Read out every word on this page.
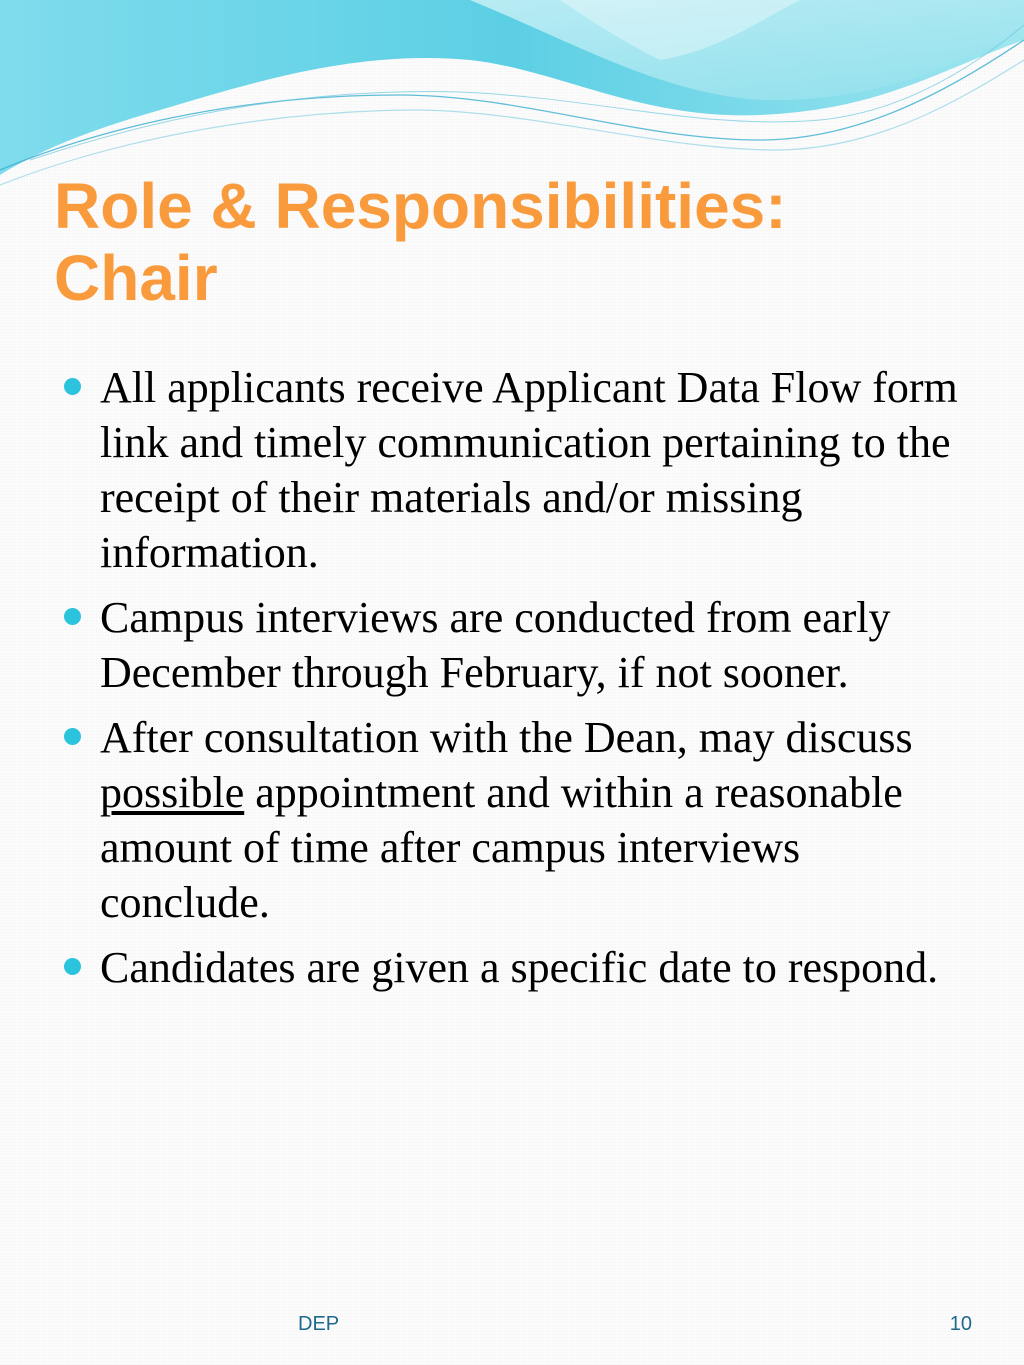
Role & Responsibilities:
Chair
All applicants receive Applicant Data Flow form link and timely communication pertaining to the receipt of their materials and/or missing information.
Campus interviews are conducted from early December through February, if not sooner.
After consultation with the Dean, may discuss possible appointment and within a reasonable amount of time after campus interviews conclude.
Candidates are given a specific date to respond.
DEP	10
